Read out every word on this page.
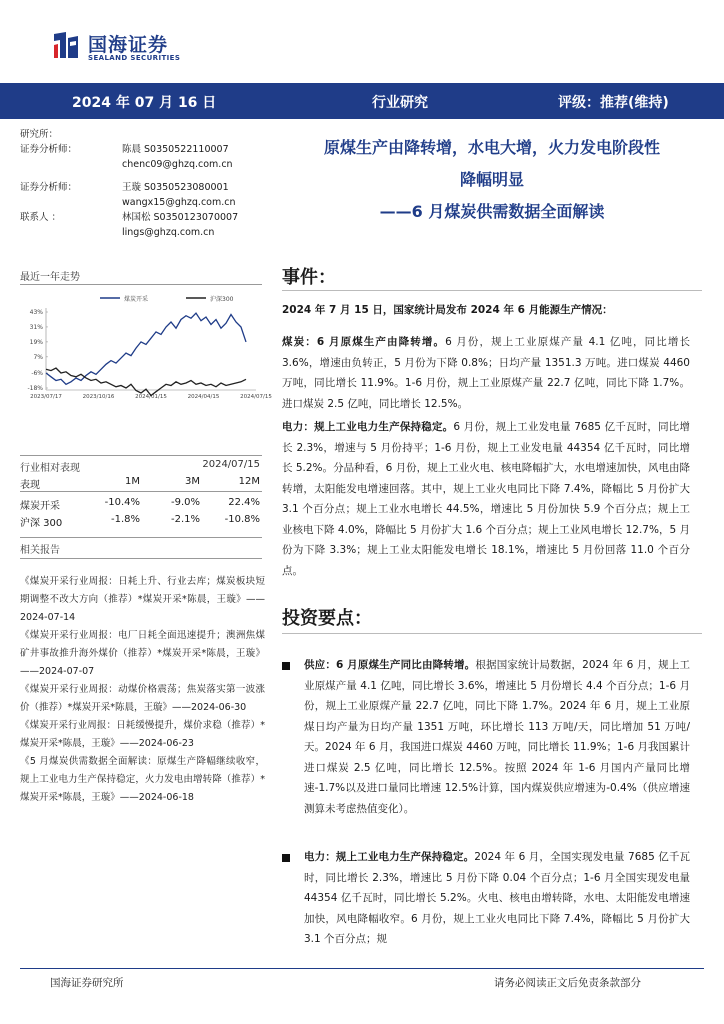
国海证券
SEALAND SECURITIES
2024 年 07 月 16 日	行业研究	评级：推荐(维持)
研究所：
证券分析师：	陈晨 S0350522110007
chenc09@ghzq.com.cn
证券分析师：	王璇 S0350523080001
wangx15@ghzq.com.cn
联系人 ：	林国松 S0350123070007
lings@ghzq.com.cn
原煤生产由降转增，水电大增，火力发电阶段性
降幅明显
——6 月煤炭供需数据全面解读
最近一年走势
煤炭开采	沪深300
43%
31%
19%
7%
-6%
-18%
2023/07/17	2023/10/16	2024/01/15	2024/04/15	2024/07/15
行业相对表现	2024/07/15
表现	1M	3M	12M
煤炭开采	-10.4%	-9.0%	22.4%
沪深 300	-1.8%	-2.1% -10.8%
相关报告

《煤炭开采行业周报：日耗上升、行业去库；煤炭板块短期调整不改大方向（推荐）*煤炭开采*陈晨，王璇》——2024-07-14

《煤炭开采行业周报：电厂日耗全面迅速提升；澳洲焦煤矿井事故推升海外煤价（推荐）*煤炭开采*陈晨，王璇》——2024-07-07

《煤炭开采行业周报：动煤价格震荡；焦炭落实第一波涨价（推荐）*煤炭开采*陈晨，王璇》——2024-06-30

《煤炭开采行业周报：日耗缓慢提升，煤价求稳（推荐）*煤炭开采*陈晨，王璇》——2024-06-23

《5 月煤炭供需数据全面解读：原煤生产降幅继续收窄，规上工业电力生产保持稳定，火力发电由增转降（推荐）*煤炭开采*陈晨，王璇》——2024-06-18

事件：
2024 年 7 月 15 日，国家统计局发布 2024 年 6 月能源生产情况：
煤炭：6 月原煤生产由降转增。6 月份，规上工业原煤产量 4.1 亿吨，同比增长 3.6%，增速由负转正，5 月份为下降 0.8%；日均产量 1351.3 万吨。进口煤炭 4460 万吨，同比增长 11.9%。1-6 月份，规上工业原煤产量 22.7 亿吨，同比下降 1.7%。进口煤炭 2.5 亿吨，同比增长 12.5%。
电力：规上工业电力生产保持稳定。6 月份，规上工业发电量 7685 亿千瓦时，同比增长 2.3%，增速与 5 月份持平；1-6 月份，规上工业发电量 44354 亿千瓦时，同比增长 5.2%。分品种看，6 月份，规上工业火电、核电降幅扩大，水电增速加快，风电由降转增，太阳能发电增速回落。其中，规上工业火电同比下降 7.4%，降幅比 5 月份扩大 3.1 个百分点；规上工业水电增长 44.5%，增速比 5 月份加快 5.9 个百分点；规上工业核电下降 4.0%，降幅比 5 月份扩大 1.6 个百分点；规上工业风电增长 12.7%，5 月份为下降 3.3%；规上工业太阳能发电增长 18.1%，增速比 5 月份回落 11.0 个百分点。
投资要点：
供应：6 月原煤生产同比由降转增。根据国家统计局数据，2024 年 6 月，规上工业原煤产量 4.1 亿吨，同比增长 3.6%，增速比 5 月份增长 4.4 个百分点；1-6 月份，规上工业原煤产量 22.7 亿吨，同比下降 1.7%。2024 年 6 月，规上工业原煤日均产量为日均产量 1351 万吨，环比增长 113 万吨/天，同比增加 51 万吨/天。2024 年 6 月，我国进口煤炭 4460 万吨，同比增长 11.9%；1-6 月我国累计进口煤炭 2.5 亿吨，同比增长 12.5%。按照 2024 年 1-6 月国内产量同比增速-1.7%以及进口量同比增速 12.5%计算，国内煤炭供应增速为-0.4%（供应增速测算未考虑热值变化）。
电力：规上工业电力生产保持稳定。2024 年 6 月，全国实现发电量 7685 亿千瓦时，同比增长 2.3%，增速比 5 月份下降 0.04 个百分点；1-6 月全国实现发电量 44354 亿千瓦时，同比增长 5.2%。火电、核电由增转降，水电、太阳能发电增速加快，风电降幅收窄。6 月份，规上工业火电同比下降 7.4%，降幅比 5 月份扩大 3.1 个百分点；规
国海证券研究所	请务必阅读正文后免责条款部分
